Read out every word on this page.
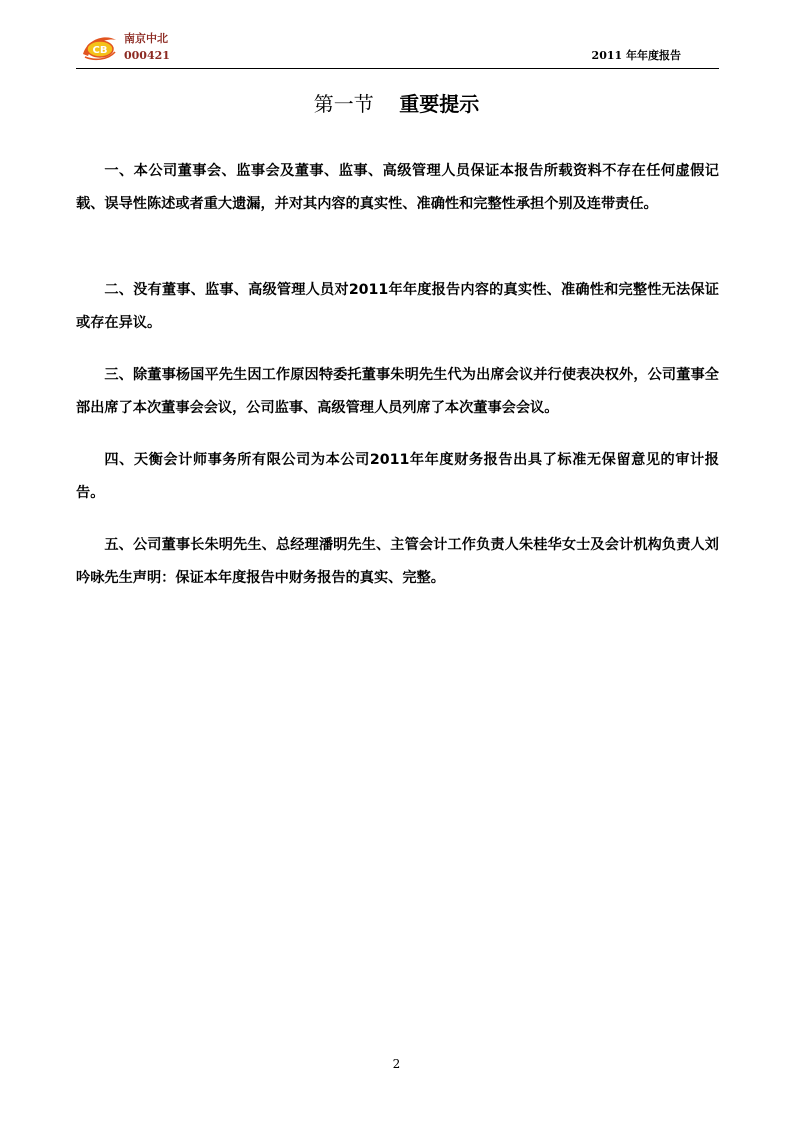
CB
南京中北
000421	2011 年年度报告
第一节 重要提示

一、本公司董事会、监事会及董事、监事、高级管理人员保证本报告所载资料不存在任何虚假记载、误导性陈述或者重大遗漏，并对其内容的真实性、准确性和完整性承担个别及连带责任。

二、没有董事、监事、高级管理人员对2011年年度报告内容的真实性、准确性和完整性无法保证或存在异议。

三、除董事杨国平先生因工作原因特委托董事朱明先生代为出席会议并行使表决权外，公司董事全部出席了本次董事会会议，公司监事、高级管理人员列席了本次董事会会议。

四、天衡会计师事务所有限公司为本公司2011年年度财务报告出具了标准无保留意见的审计报告。

五、公司董事长朱明先生、总经理潘明先生、主管会计工作负责人朱桂华女士及会计机构负责人刘吟咏先生声明：保证本年度报告中财务报告的真实、完整。

2
